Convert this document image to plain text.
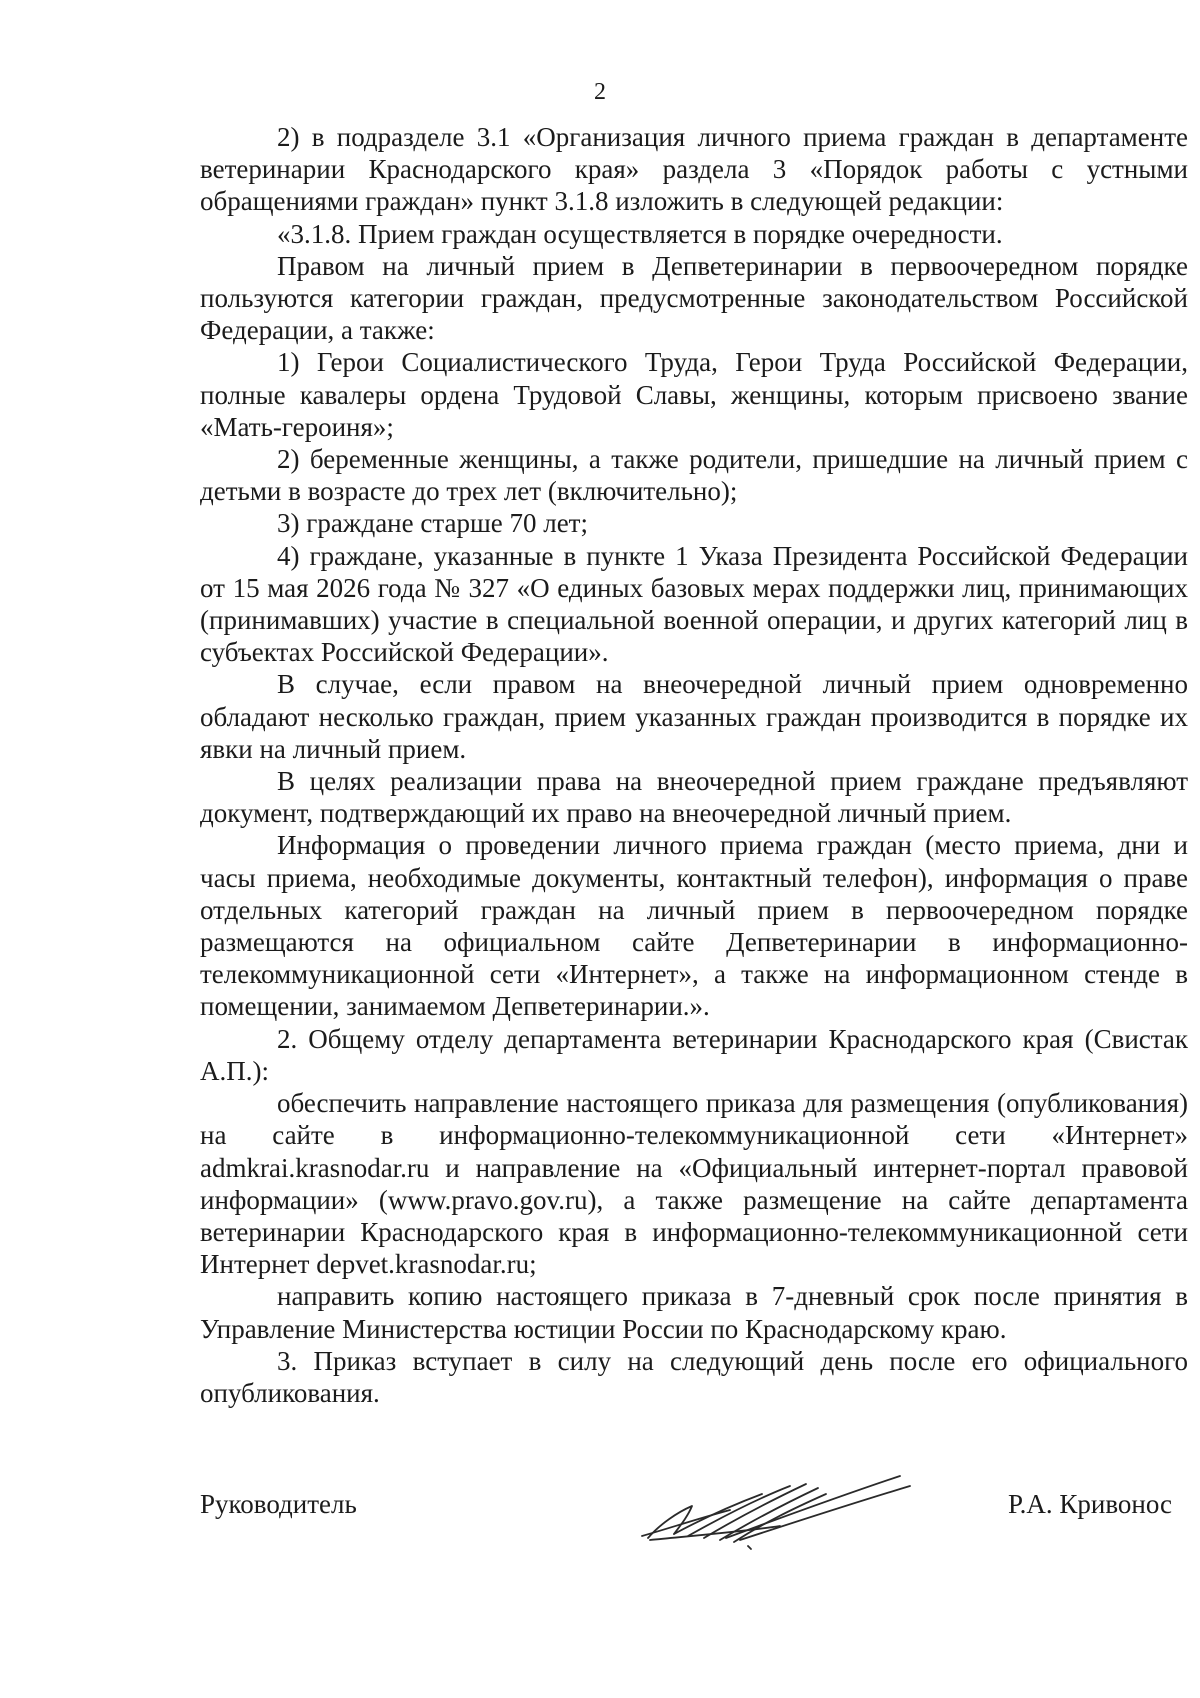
2

2) в подразделе 3.1 «Организация личного приема граждан в департаменте ветеринарии Краснодарского края» раздела 3 «Порядок работы с устными обращениями граждан» пункт 3.1.8 изложить в следующей редакции:

«3.1.8. Прием граждан осуществляется в порядке очередности.

Правом на личный прием в Депветеринарии в первоочередном порядке пользуются категории граждан, предусмотренные законодательством Российской Федерации, а также:

1) Герои Социалистического Труда, Герои Труда Российской Федерации, полные кавалеры ордена Трудовой Славы, женщины, которым присвоено звание «Мать-героиня»;

2) беременные женщины, а также родители, пришедшие на личный прием с детьми в возрасте до трех лет (включительно);

3) граждане старше 70 лет;

4) граждане, указанные в пункте 1 Указа Президента Российской Федерации от 15 мая 2026 года № 327 «О единых базовых мерах поддержки лиц, принимающих (принимавших) участие в специальной военной операции, и других категорий лиц в субъектах Российской Федерации».

В случае, если правом на внеочередной личный прием одновременно обладают несколько граждан, прием указанных граждан производится в порядке их явки на личный прием.

В целях реализации права на внеочередной прием граждане предъявляют документ, подтверждающий их право на внеочередной личный прием.

Информация о проведении личного приема граждан (место приема, дни и часы приема, необходимые документы, контактный телефон), информация о праве отдельных категорий граждан на личный прием в первоочередном порядке размещаются на официальном сайте Депветеринарии в информационно-телекоммуникационной сети «Интернет», а также на информационном стенде в помещении, занимаемом Депветеринарии.».

2. Общему отделу департамента ветеринарии Краснодарского края (Свистак А.П.):

обеспечить направление настоящего приказа для размещения (опубликования) на сайте в информационно-телекоммуникационной сети «Интернет» admkrai.krasnodar.ru и направление на «Официальный интернет-портал правовой информации» (www.pravo.gov.ru), а также размещение на сайте департамента ветеринарии Краснодарского края в информационно-телекоммуникационной сети Интернет depvet.krasnodar.ru;

направить копию настоящего приказа в 7-дневный срок после принятия в Управление Министерства юстиции России по Краснодарскому краю.

3. Приказ вступает в силу на следующий день после его официального опубликования.

Руководитель	Р.А. Кривонос
